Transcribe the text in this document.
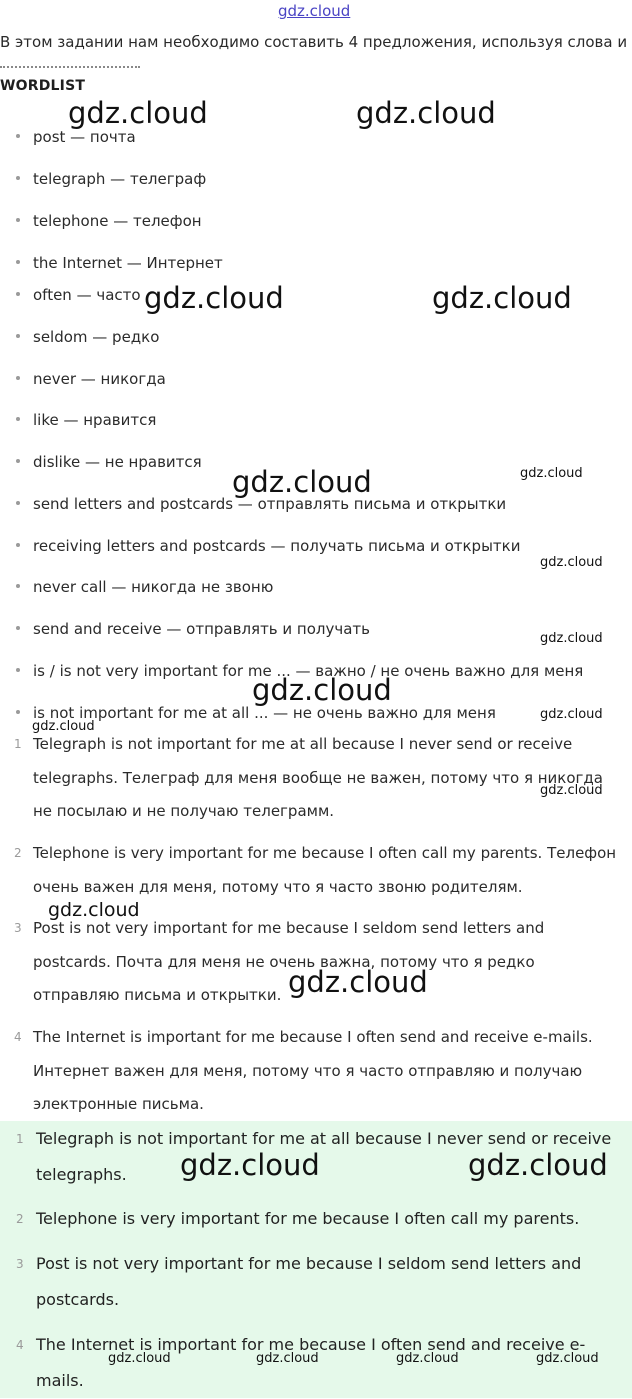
gdz.cloud
gdz.cloud	gdz.cloud
gdz.cloud	gdz.cloud
gdz.cloud	gdz.cloud
gdz.cloud
gdz.cloud
gdz.cloud
gdz.cloud
gdz.cloud
gdz.cloud
gdz.cloud
gdz.cloud
В этом задании нам необходимо составить 4 предложения, используя слова и
WORDLIST
post — почта
telegraph — телеграф
telephone — телефон
the Internet — Интернет
often — часто
seldom — редко
never — никогда
like — нравится
dislike — не нравится
send letters and postcards — отправлять письма и открытки
receiving letters and postcards — получать письма и открытки
never call — никогда не звоню
send and receive — отправлять и получать
is / is not very important for me ... — важно / не очень важно для меня
is not important for me at all ... — не очень важно для меня
1 Telegraph is not important for me at all because I never send or receive telegraphs. Телеграф для меня вообще не важен, потому что я никогда не посылаю и не получаю телеграмм.
2 Telephone is very important for me because I often call my parents. Телефон очень важен для меня, потому что я часто звоню родителям.
3 Post is not very important for me because I seldom send letters and postcards. Почта для меня не очень важна, потому что я редко отправляю письма и открытки.
4 The Internet is important for me because I often send and receive e-mails. Интернет важен для меня, потому что я часто отправляю и получаю электронные письма.
1 Telegraph is not important for me at all because I never send or receive telegraphs.
2 Telephone is very important for me because I often call my parents.
3 Post is not very important for me because I seldom send letters and postcards.
4 The Internet is important for me because I often send and receive e-mails.
gdz.cloud	gdz.cloud
gdz.cloud	gdz.cloud	gdz.cloud	gdz.cloud
